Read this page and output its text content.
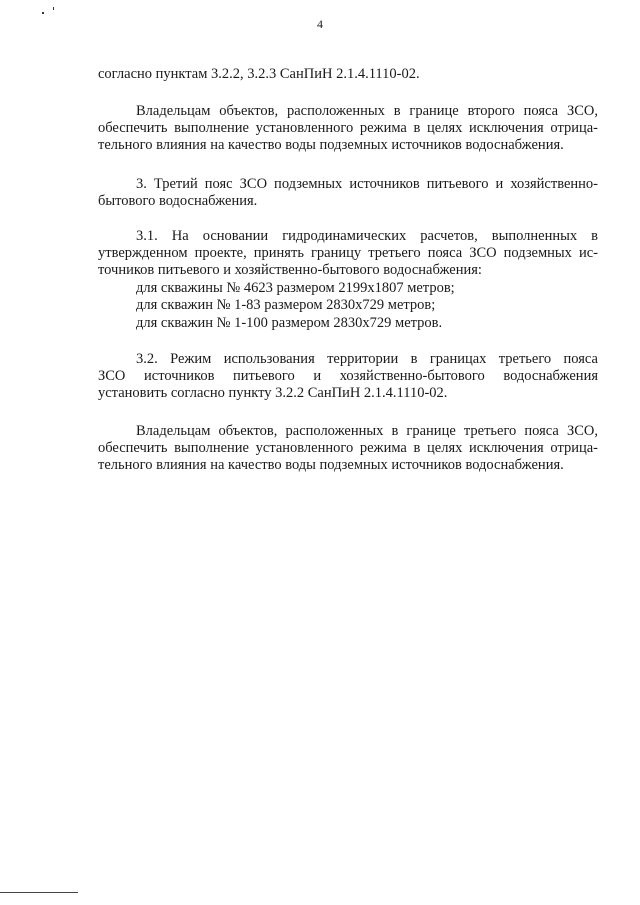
4
согласно пунктам 3.2.2, 3.2.3 СанПиН 2.1.4.1110-02.
Владельцам объектов, расположенных в границе второго пояса ЗСО,
обеспечить выполнение установленного режима в целях исключения отрица-
тельного влияния на качество воды подземных источников водоснабжения.
3. Третий пояс ЗСО подземных источников питьевого и хозяйственно-
бытового водоснабжения.
3.1. На основании гидродинамических расчетов, выполненных в
утвержденном проекте, принять границу третьего пояса ЗСО подземных ис-
точников питьевого и хозяйственно-бытового водоснабжения:
для скважины № 4623 размером 2199х1807 метров;
для скважин № 1-83 размером 2830х729 метров;
для скважин № 1-100 размером 2830х729 метров.
3.2. Режим использования территории в границах третьего пояса
ЗСО источников питьевого и хозяйственно-бытового водоснабжения
установить согласно пункту 3.2.2 СанПиН 2.1.4.1110-02.
Владельцам объектов, расположенных в границе третьего пояса ЗСО,
обеспечить выполнение установленного режима в целях исключения отрица-
тельного влияния на качество воды подземных источников водоснабжения.
